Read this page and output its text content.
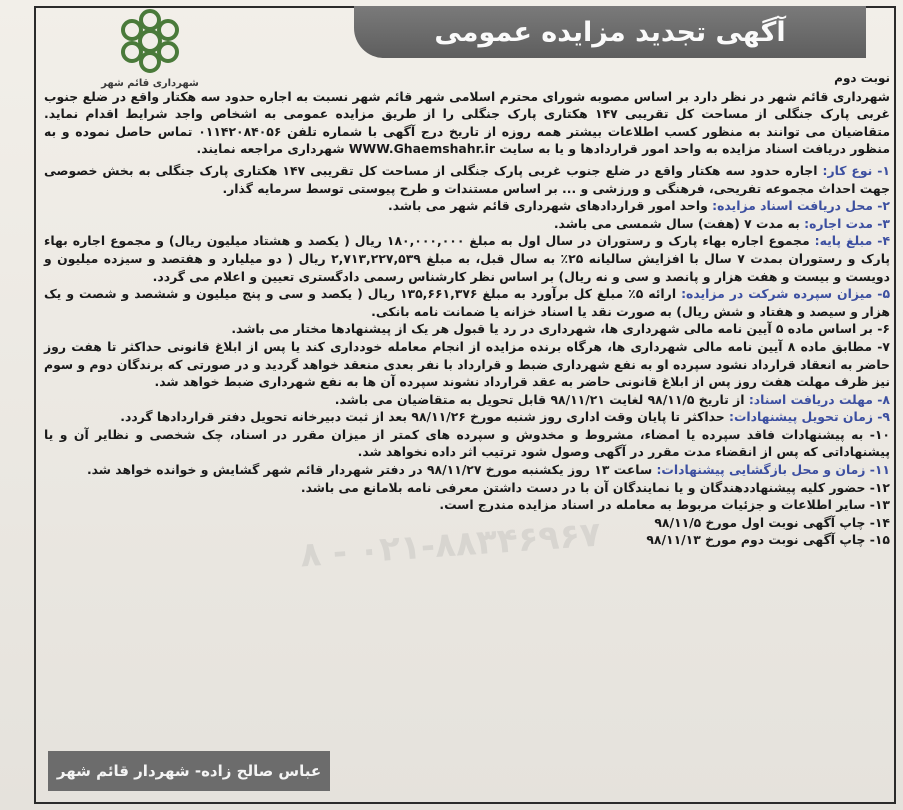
آگهی تجدید مزایده عمومی
شهرداری قائم شهر
۰۲۱-۸۸۳۴۶۹۶۷ - ۸

نوبت دوم

شهرداری قائم شهر در نظر دارد بر اساس مصوبه شورای محترم اسلامی شهر قائم شهر نسبت به اجاره حدود سه هکتار واقع در ضلع جنوب غربی پارک جنگلی از مساحت کل تقریبی ۱۴۷ هکتاری پارک جنگلی را از طریق مزایده عمومی به اشخاص واجد شرایط اقدام نماید. متقاضیان می توانند به منظور کسب اطلاعات بیشتر همه روزه از تاریخ درج آگهی با شماره تلفن ۰۱۱۴۲۰۸۴۰۵۶ تماس حاصل نموده و به منظور دریافت اسناد مزایده به واحد امور قراردادها و یا به سایت WWW.Ghaemshahr.ir شهرداری مراجعه نمایند.

۱- نوع کار: اجاره حدود سه هکتار واقع در ضلع جنوب غربی پارک جنگلی از مساحت کل تقریبی ۱۴۷ هکتاری پارک جنگلی به بخش خصوصی جهت احداث مجموعه تفریحی، فرهنگی و ورزشی و ... بر اساس مستندات و طرح پیوستی توسط سرمایه گذار.

۲- محل دریافت اسناد مزایده: واحد امور قراردادهای شهرداری قائم شهر می باشد.

۳- مدت اجاره: به مدت ۷ (هفت) سال شمسی می باشد.

۴- مبلغ پایه: مجموع اجاره بهاء پارک و رستوران در سال اول به مبلغ ۱۸۰,۰۰۰,۰۰۰ ریال ( یکصد و هشتاد میلیون ریال) و مجموع اجاره بهاء پارک و رستوران بمدت ۷ سال با افزایش سالیانه ۲۵٪ به سال قبل، به مبلغ ۲,۷۱۳,۲۲۷,۵۳۹ ریال ( دو میلیارد و هفتصد و سیزده میلیون و دویست و بیست و هفت هزار و پانصد و سی و نه ریال) بر اساس نظر کارشناس رسمی دادگستری تعیین و اعلام می گردد.

۵- میزان سپرده شرکت در مزایده: ارائه ۵٪ مبلغ کل برآورد به مبلغ ۱۳۵,۶۶۱,۳۷۶ ریال ( یکصد و سی و پنج میلیون و ششصد و شصت و یک هزار و سیصد و هفتاد و شش ریال) به صورت نقد یا اسناد خزانه یا ضمانت نامه بانکی.

۶- بر اساس ماده ۵ آیین نامه مالی شهرداری ها، شهرداری در رد یا قبول هر یک از پیشنهادها مختار می باشد.

۷- مطابق ماده ۸ آیین نامه مالی شهرداری ها، هرگاه برنده مزایده از انجام معامله خودداری کند یا پس از ابلاغ قانونی حداکثر تا هفت روز حاضر به انعقاد قرارداد نشود سپرده او به نفع شهرداری ضبط و قرارداد با نفر بعدی منعقد خواهد گردید و در صورتی که برندگان دوم و سوم نیز ظرف مهلت هفت روز پس از ابلاغ قانونی حاضر به عقد قرارداد نشوند سپرده آن ها به نفع شهرداری ضبط خواهد شد.

۸- مهلت دریافت اسناد: از تاریخ ۹۸/۱۱/۵ لغایت ۹۸/۱۱/۲۱ قابل تحویل به متقاضیان می باشد.

۹- زمان تحویل پیشنهادات: حداکثر تا پایان وقت اداری روز شنبه مورخ ۹۸/۱۱/۲۶ بعد از ثبت دبیرخانه تحویل دفتر قراردادها گردد.

۱۰- به پیشنهادات فاقد سپرده یا امضاء، مشروط و مخدوش و سپرده های کمتر از میزان مقرر در اسناد، چک شخصی و نظایر آن و یا پیشنهاداتی که پس از انقضاء مدت مقرر در آگهی وصول شود ترتیب اثر داده نخواهد شد.

۱۱- زمان و محل بازگشایی پیشنهادات: ساعت ۱۳ روز یکشنبه مورخ ۹۸/۱۱/۲۷ در دفتر شهردار قائم شهر گشایش و خوانده خواهد شد.

۱۲- حضور کلیه پیشنهاددهندگان و یا نمایندگان آن با در دست داشتن معرفی نامه بلامانع می باشد.

۱۳- سایر اطلاعات و جزئیات مربوط به معامله در اسناد مزایده مندرج است.

۱۴- چاپ آگهی نوبت اول مورخ ۹۸/۱۱/۵

۱۵- چاپ آگهی نوبت دوم مورخ ۹۸/۱۱/۱۳

عباس صالح زاده- شهردار قائم شهر
